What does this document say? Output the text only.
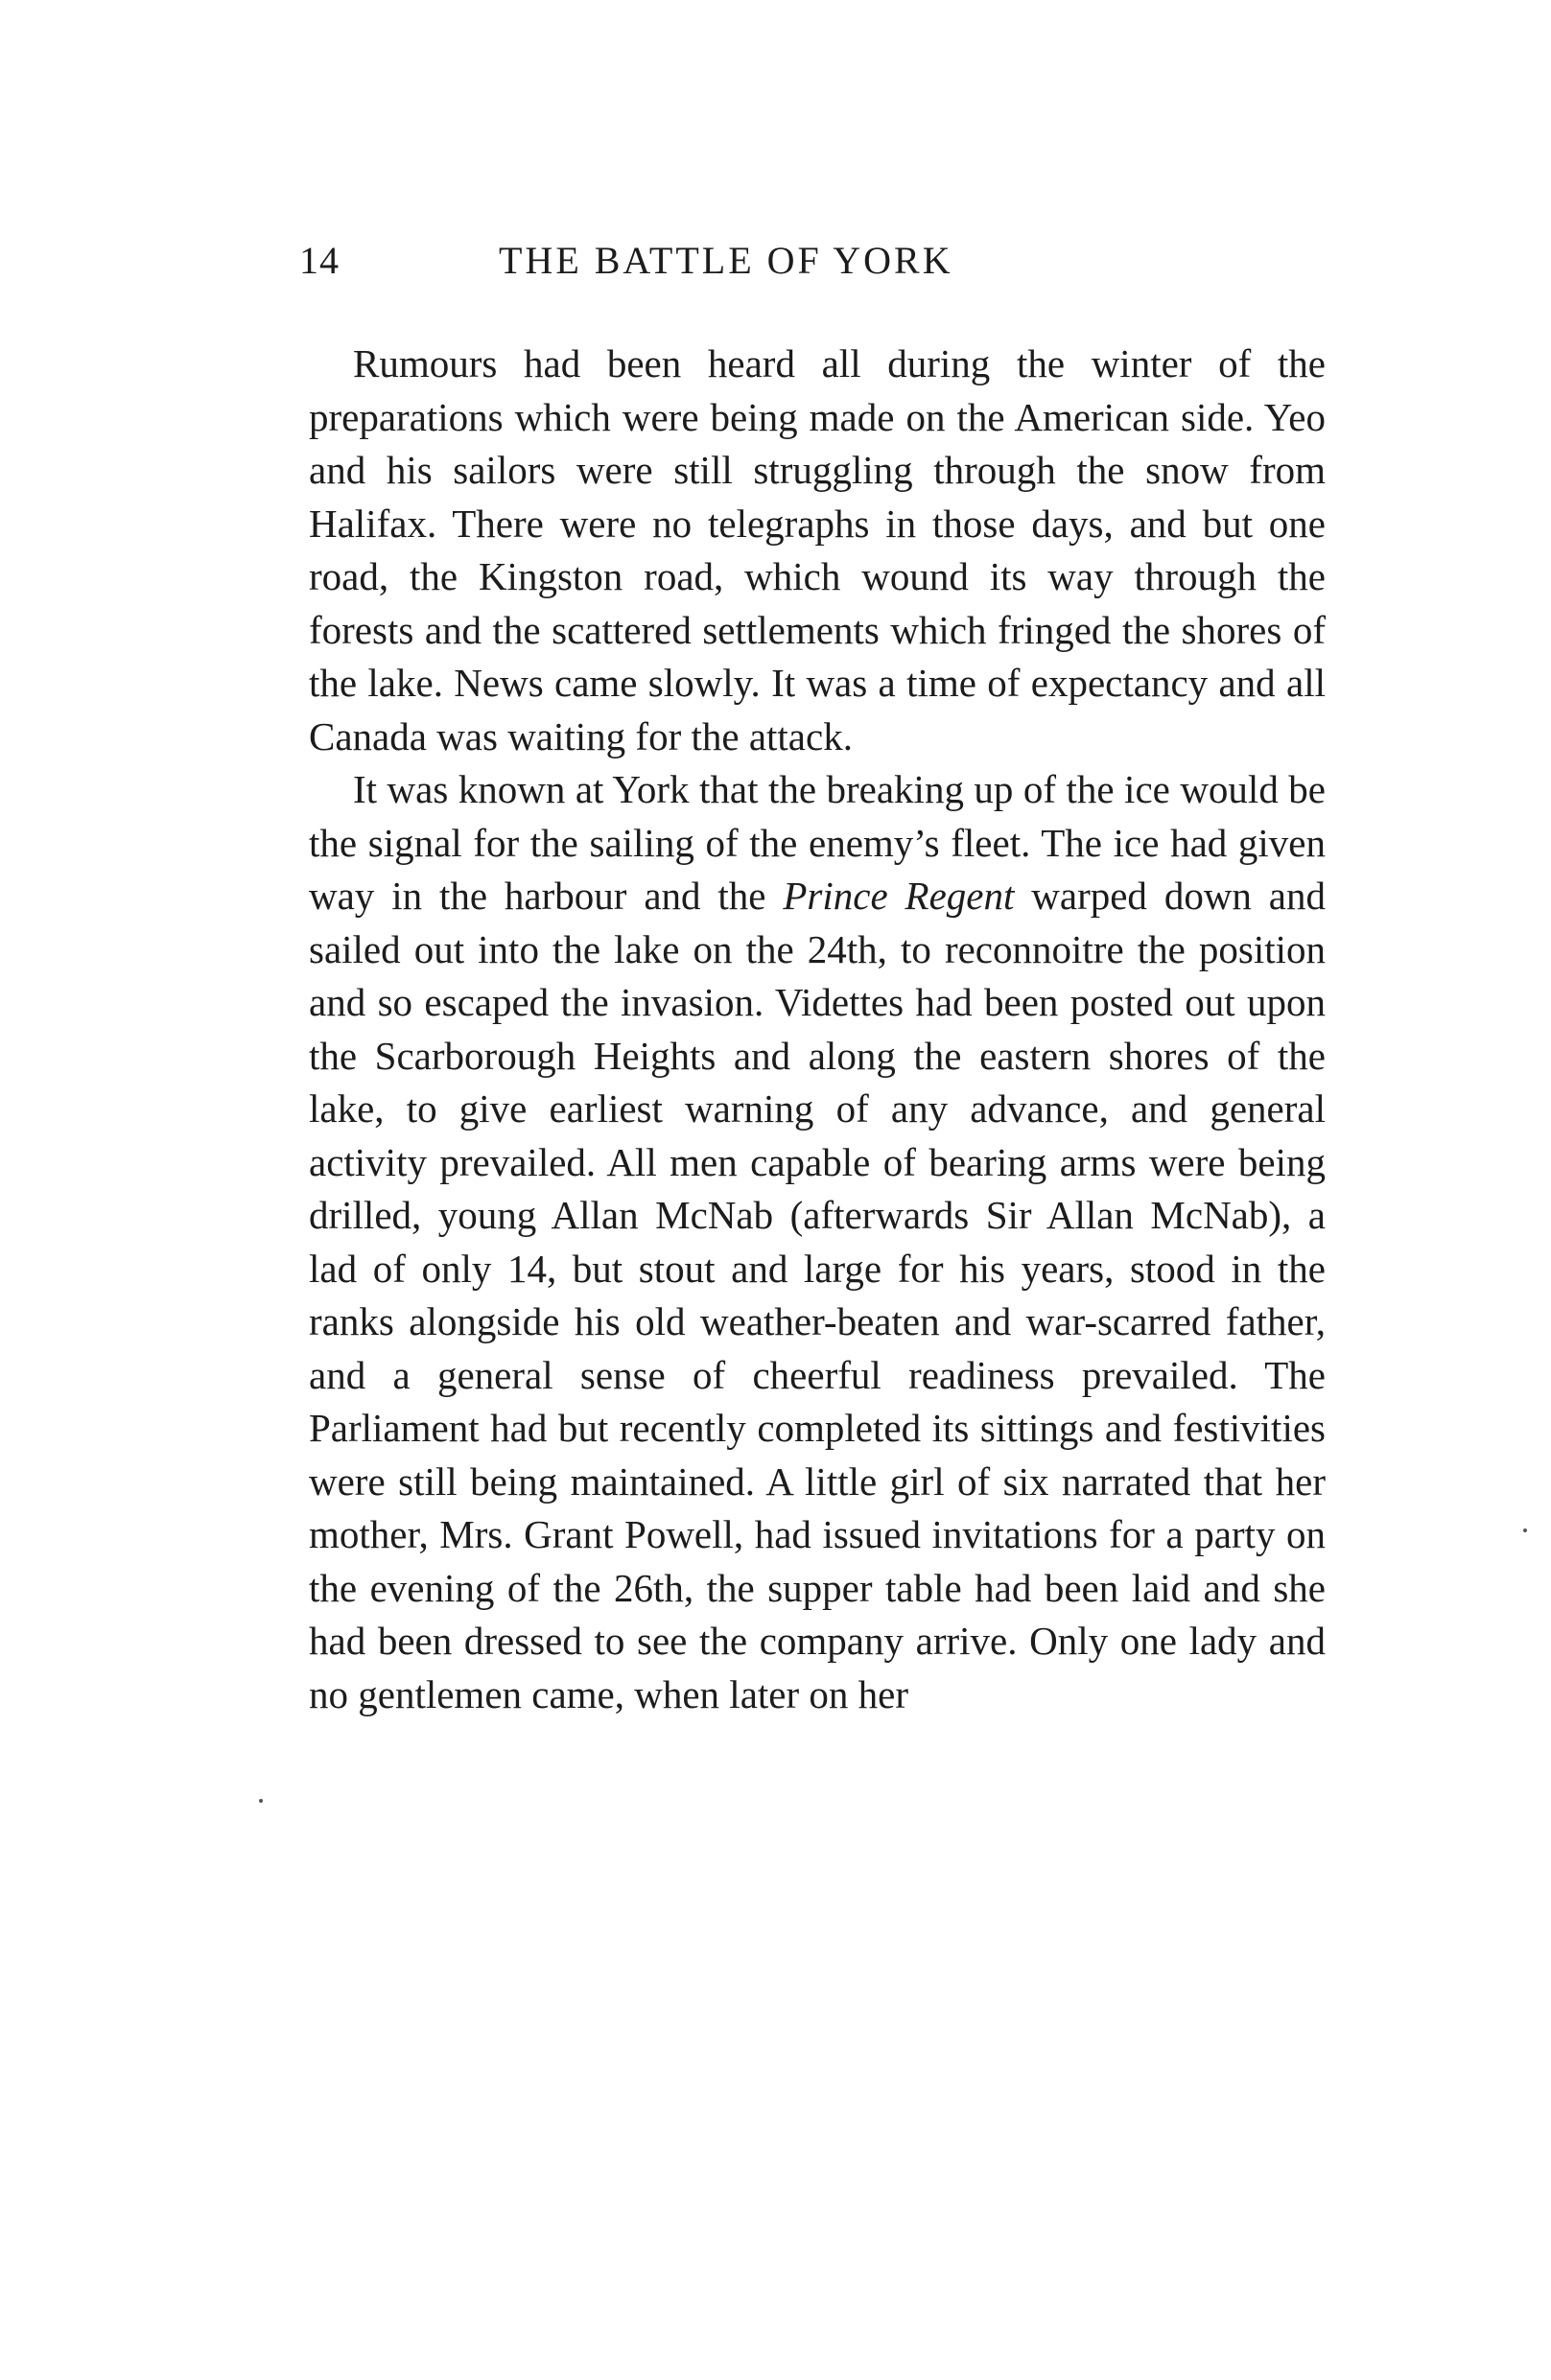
14	THE BATTLE OF YORK

Rumours had been heard all during the winter of the preparations which were being made on the American side. Yeo and his sailors were still struggling through the snow from Halifax. There were no telegraphs in those days, and but one road, the Kingston road, which wound its way through the forests and the scattered settlements which fringed the shores of the lake. News came slowly. It was a time of expectancy and all Canada was waiting for the attack.

It was known at York that the breaking up of the ice would be the signal for the sailing of the enemy’s fleet. The ice had given way in the harbour and the Prince Regent warped down and sailed out into the lake on the 24th, to reconnoitre the position and so escaped the invasion. Videttes had been posted out upon the Scarborough Heights and along the eastern shores of the lake, to give earliest warning of any advance, and general activity prevailed. All men capable of bearing arms were being drilled, young Allan McNab (afterwards Sir Allan McNab), a lad of only 14, but stout and large for his years, stood in the ranks alongside his old weather-beaten and war-scarred father, and a general sense of cheerful readiness prevailed. The Parliament had but recently completed its sittings and festivities were still being maintained. A little girl of six narrated that her mother, Mrs. Grant Powell, had issued invitations for a party on the evening of the 26th, the supper table had been laid and she had been dressed to see the company arrive. Only one lady and no gentlemen came, when later on her
